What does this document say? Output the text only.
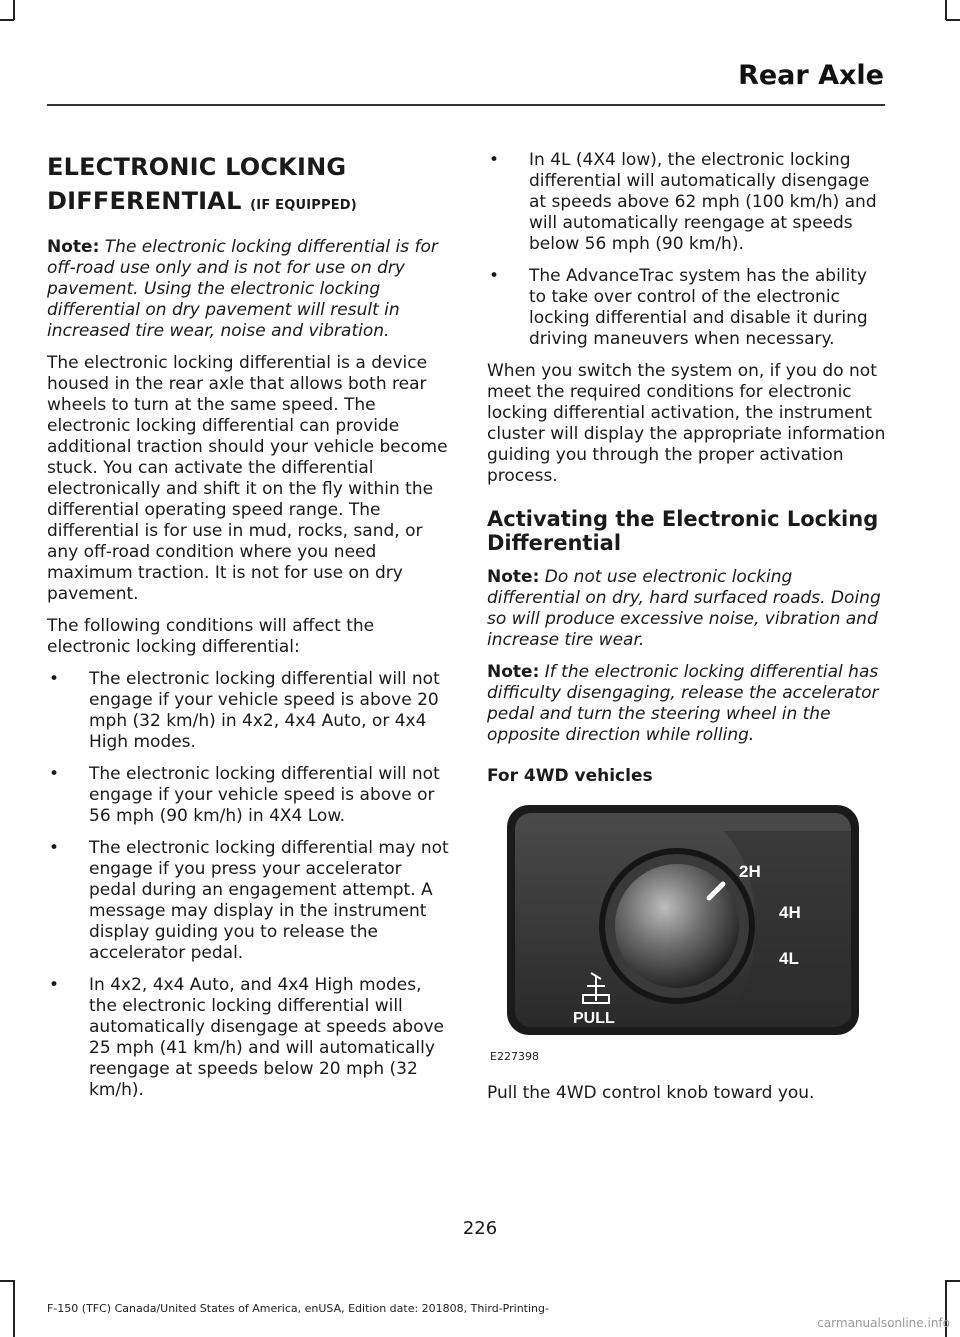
Rear Axle
ELECTRONIC LOCKING DIFFERENTIAL (IF EQUIPPED)

Note: The electronic locking differential is for off-road use only and is not for use on dry pavement. Using the electronic locking differential on dry pavement will result in increased tire wear, noise and vibration.

The electronic locking differential is a device housed in the rear axle that allows both rear wheels to turn at the same speed. The electronic locking differential can provide additional traction should your vehicle become stuck. You can activate the differential electronically and shift it on the fly within the differential operating speed range. The differential is for use in mud, rocks, sand, or any off-road condition where you need maximum traction. It is not for use on dry pavement.

The following conditions will affect the electronic locking differential:

• The electronic locking differential will not engage if your vehicle speed is above 20 mph (32 km/h) in 4x2, 4x4 Auto, or 4x4 High modes.
• The electronic locking differential will not engage if your vehicle speed is above or 56 mph (90 km/h) in 4X4 Low.
• The electronic locking differential may not engage if you press your accelerator pedal during an engagement attempt. A message may display in the instrument display guiding you to release the accelerator pedal.
• In 4x2, 4x4 Auto, and 4x4 High modes, the electronic locking differential will automatically disengage at speeds above 25 mph (41 km/h) and will automatically reengage at speeds below 20 mph (32 km/h).
• In 4L (4X4 low), the electronic locking differential will automatically disengage at speeds above 62 mph (100 km/h) and will automatically reengage at speeds below 56 mph (90 km/h).
• The AdvanceTrac system has the ability to take over control of the electronic locking differential and disable it during driving maneuvers when necessary.

When you switch the system on, if you do not meet the required conditions for electronic locking differential activation, the instrument cluster will display the appropriate information guiding you through the proper activation process.

Activating the Electronic Locking Differential

Note: Do not use electronic locking differential on dry, hard surfaced roads. Doing so will produce excessive noise, vibration and increase tire wear.

Note: If the electronic locking differential has difficulty disengaging, release the accelerator pedal and turn the steering wheel in the opposite direction while rolling.

For 4WD vehicles
2H
4H
4L
PULL
E227398

Pull the 4WD control knob toward you.

226
F-150 (TFC) Canada/United States of America, enUSA, Edition date: 201808, Third-Printing-
carmanualsonline.info
